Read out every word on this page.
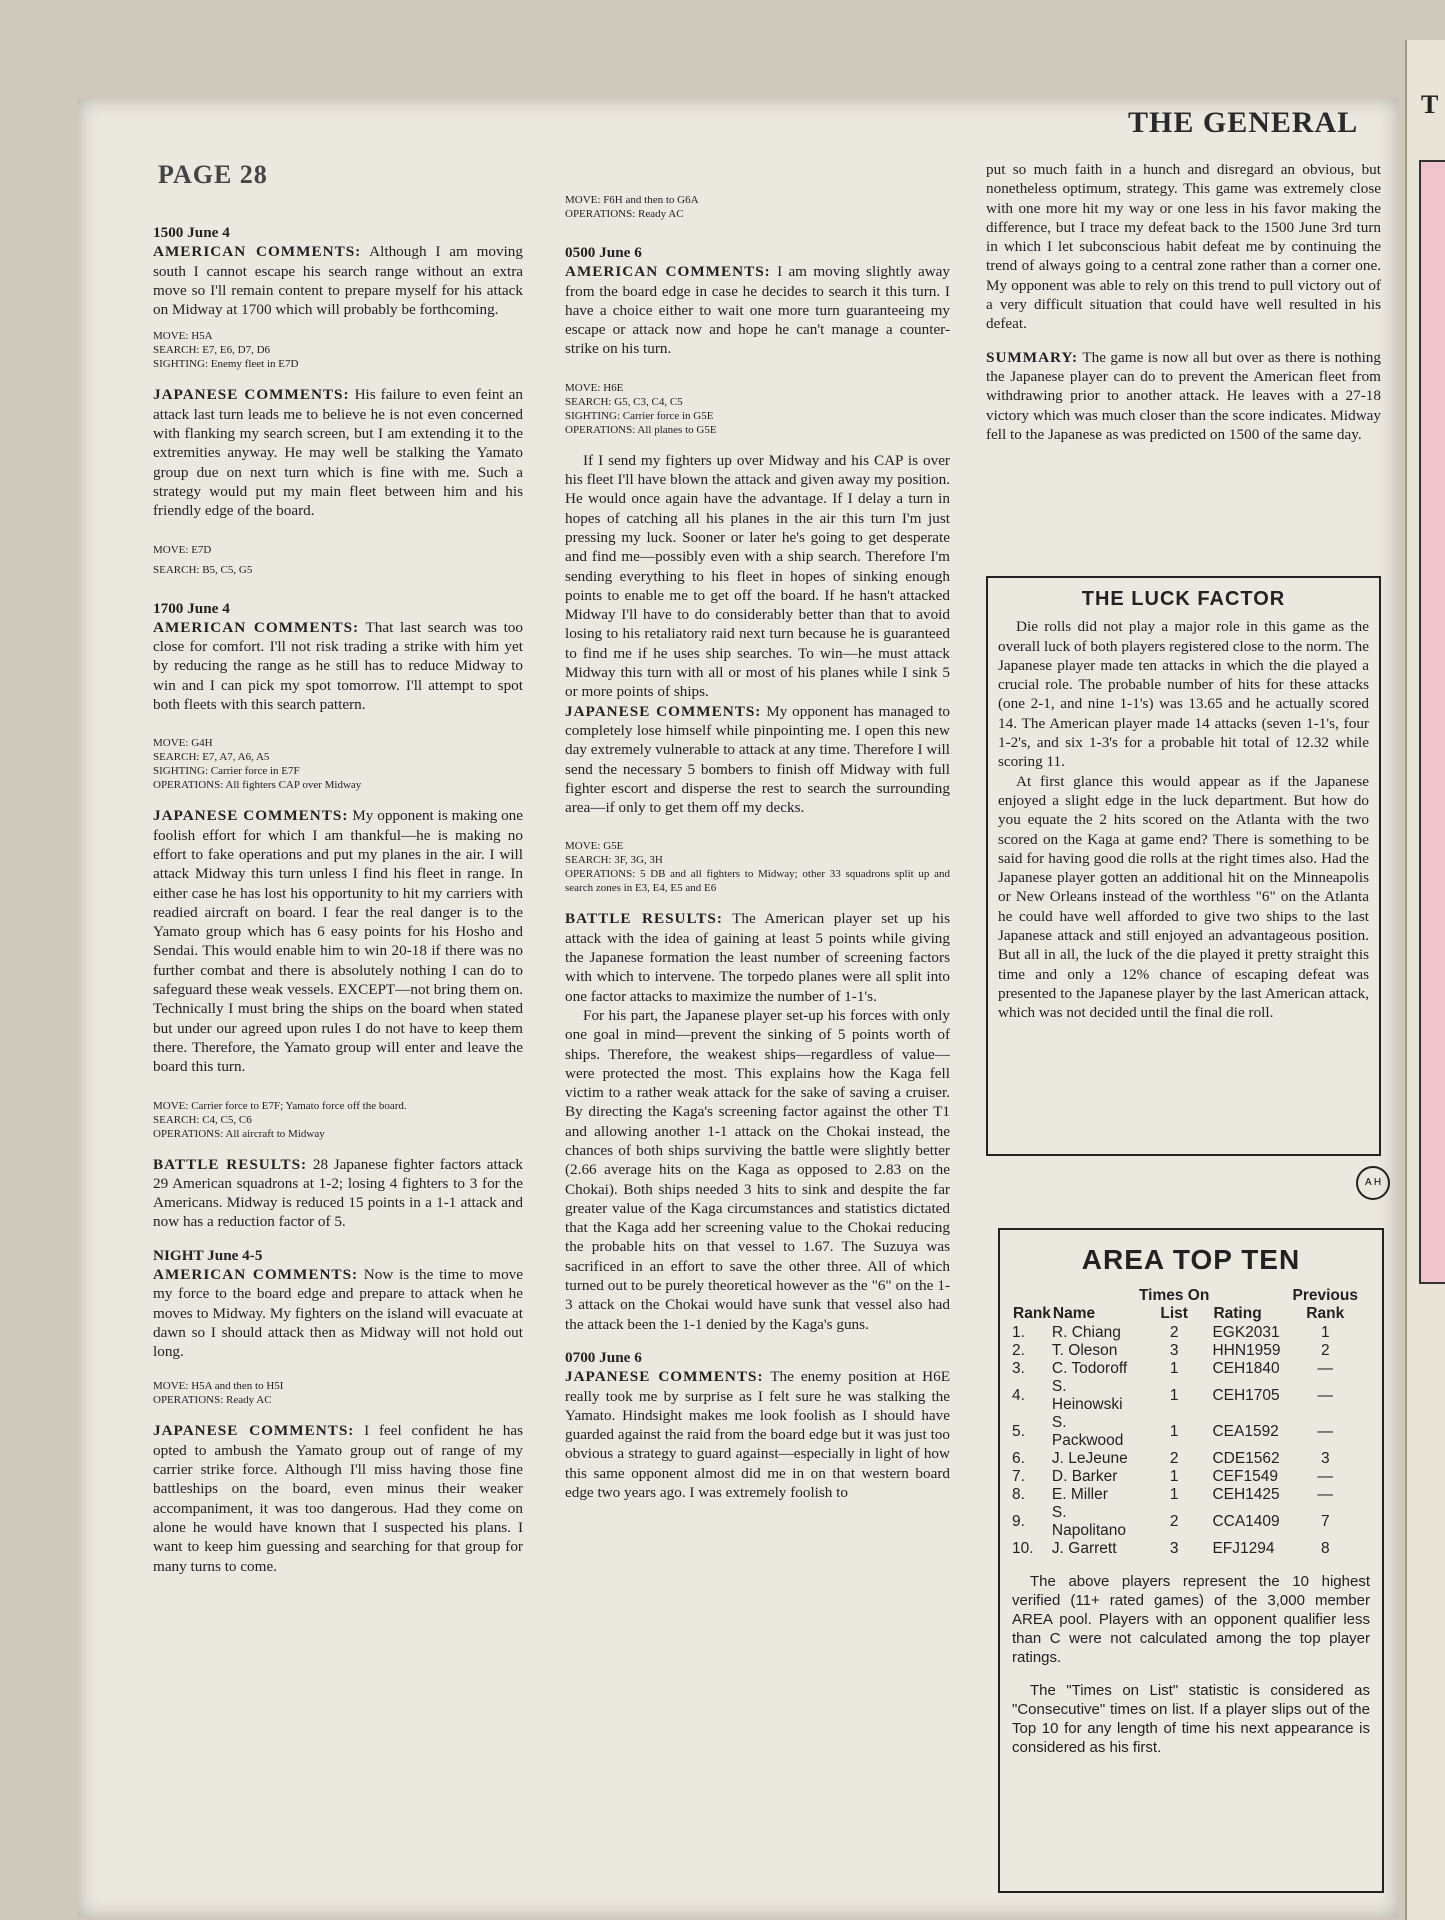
T
THE GENERAL
PAGE 28

1500 June 4

AMERICAN COMMENTS: Although I am moving south I cannot escape his search range without an extra move so I'll remain content to prepare myself for his attack on Midway at 1700 which will probably be forthcoming.

MOVE: H5A
SEARCH: E7, E6, D7, D6
SIGHTING: Enemy fleet in E7D

JAPANESE COMMENTS: His failure to even feint an attack last turn leads me to believe he is not even concerned with flanking my search screen, but I am extending it to the extremities anyway. He may well be stalking the Yamato group due on next turn which is fine with me. Such a strategy would put my main fleet between him and his friendly edge of the board.

MOVE: E7D
SEARCH: B5, C5, G5

1700 June 4

AMERICAN COMMENTS: That last search was too close for comfort. I'll not risk trading a strike with him yet by reducing the range as he still has to reduce Midway to win and I can pick my spot tomorrow. I'll attempt to spot both fleets with this search pattern.

MOVE: G4H
SEARCH: E7, A7, A6, A5
SIGHTING: Carrier force in E7F
OPERATIONS: All fighters CAP over Midway

JAPANESE COMMENTS: My opponent is making one foolish effort for which I am thankful—he is making no effort to fake operations and put my planes in the air. I will attack Midway this turn unless I find his fleet in range. In either case he has lost his opportunity to hit my carriers with readied aircraft on board. I fear the real danger is to the Yamato group which has 6 easy points for his Hosho and Sendai. This would enable him to win 20-18 if there was no further combat and there is absolutely nothing I can do to safeguard these weak vessels. EXCEPT—not bring them on. Technically I must bring the ships on the board when stated but under our agreed upon rules I do not have to keep them there. Therefore, the Yamato group will enter and leave the board this turn.

MOVE: Carrier force to E7F; Yamato force off the board.
SEARCH: C4, C5, C6
OPERATIONS: All aircraft to Midway

BATTLE RESULTS: 28 Japanese fighter factors attack 29 American squadrons at 1-2; losing 4 fighters to 3 for the Americans. Midway is reduced 15 points in a 1-1 attack and now has a reduction factor of 5.

NIGHT June 4-5

AMERICAN COMMENTS: Now is the time to move my force to the board edge and prepare to attack when he moves to Midway. My fighters on the island will evacuate at dawn so I should attack then as Midway will not hold out long.

MOVE: H5A and then to H5I
OPERATIONS: Ready AC

JAPANESE COMMENTS: I feel confident he has opted to ambush the Yamato group out of range of my carrier strike force. Although I'll miss having those fine battleships on the board, even minus their weaker accompaniment, it was too dangerous. Had they come on alone he would have known that I suspected his plans. I want to keep him guessing and searching for that group for many turns to come.

MOVE: F6H and then to G6A
OPERATIONS: Ready AC

0500 June 6

AMERICAN COMMENTS: I am moving slightly away from the board edge in case he decides to search it this turn. I have a choice either to wait one more turn guaranteeing my escape or attack now and hope he can't manage a counter-strike on his turn.

MOVE: H6E
SEARCH: G5, C3, C4, C5
SIGHTING: Carrier force in G5E
OPERATIONS: All planes to G5E

If I send my fighters up over Midway and his CAP is over his fleet I'll have blown the attack and given away my position. He would once again have the advantage. If I delay a turn in hopes of catching all his planes in the air this turn I'm just pressing my luck. Sooner or later he's going to get desperate and find me—possibly even with a ship search. Therefore I'm sending everything to his fleet in hopes of sinking enough points to enable me to get off the board. If he hasn't attacked Midway I'll have to do considerably better than that to avoid losing to his retaliatory raid next turn because he is guaranteed to find me if he uses ship searches. To win—he must attack Midway this turn with all or most of his planes while I sink 5 or more points of ships.

JAPANESE COMMENTS: My opponent has managed to completely lose himself while pinpointing me. I open this new day extremely vulnerable to attack at any time. Therefore I will send the necessary 5 bombers to finish off Midway with full fighter escort and disperse the rest to search the surrounding area—if only to get them off my decks.

MOVE: G5E
SEARCH: 3F, 3G, 3H
OPERATIONS: 5 DB and all fighters to Midway; other 33 squadrons split up and search zones in E3, E4, E5 and E6

BATTLE RESULTS: The American player set up his attack with the idea of gaining at least 5 points while giving the Japanese formation the least number of screening factors with which to intervene. The torpedo planes were all split into one factor attacks to maximize the number of 1-1's.

For his part, the Japanese player set-up his forces with only one goal in mind—prevent the sinking of 5 points worth of ships. Therefore, the weakest ships—regardless of value—were protected the most. This explains how the Kaga fell victim to a rather weak attack for the sake of saving a cruiser. By directing the Kaga's screening factor against the other T1 and allowing another 1-1 attack on the Chokai instead, the chances of both ships surviving the battle were slightly better (2.66 average hits on the Kaga as opposed to 2.83 on the Chokai). Both ships needed 3 hits to sink and despite the far greater value of the Kaga circumstances and statistics dictated that the Kaga add her screening value to the Chokai reducing the probable hits on that vessel to 1.67. The Suzuya was sacrificed in an effort to save the other three. All of which turned out to be purely theoretical however as the "6" on the 1-3 attack on the Chokai would have sunk that vessel also had the attack been the 1-1 denied by the Kaga's guns.

0700 June 6

JAPANESE COMMENTS: The enemy position at H6E really took me by surprise as I felt sure he was stalking the Yamato. Hindsight makes me look foolish as I should have guarded against the raid from the board edge but it was just too obvious a strategy to guard against—especially in light of how this same opponent almost did me in on that western board edge two years ago. I was extremely foolish to

put so much faith in a hunch and disregard an obvious, but nonetheless optimum, strategy. This game was extremely close with one more hit my way or one less in his favor making the difference, but I trace my defeat back to the 1500 June 3rd turn in which I let subconscious habit defeat me by continuing the trend of always going to a central zone rather than a corner one. My opponent was able to rely on this trend to pull victory out of a very difficult situation that could have well resulted in his defeat.

SUMMARY: The game is now all but over as there is nothing the Japanese player can do to prevent the American fleet from withdrawing prior to another attack. He leaves with a 27-18 victory which was much closer than the score indicates. Midway fell to the Japanese as was predicted on 1500 of the same day.

THE LUCK FACTOR

Die rolls did not play a major role in this game as the overall luck of both players registered close to the norm. The Japanese player made ten attacks in which the die played a crucial role. The probable number of hits for these attacks (one 2-1, and nine 1-1's) was 13.65 and he actually scored 14. The American player made 14 attacks (seven 1-1's, four 1-2's, and six 1-3's for a probable hit total of 12.32 while scoring 11.

At first glance this would appear as if the Japanese enjoyed a slight edge in the luck department. But how do you equate the 2 hits scored on the Atlanta with the two scored on the Kaga at game end? There is something to be said for having good die rolls at the right times also. Had the Japanese player gotten an additional hit on the Minneapolis or New Orleans instead of the worthless "6" on the Atlanta he could have well afforded to give two ships to the last Japanese attack and still enjoyed an advantageous position. But all in all, the luck of the die played it pretty straight this time and only a 12% chance of escaping defeat was presented to the Japanese player by the last American attack, which was not decided until the final die roll.

A H
AREA TOP TEN
Rank	Name	Times On List	Rating	Previous Rank
1.	R. Chiang	2	EGK2031	1
2.	T. Oleson	3	HHN1959	2
3.	C. Todoroff	1	CEH1840	—
4.	S. Heinowski	1	CEH1705	—
5.	S. Packwood	1	CEA1592	—
6.	J. LeJeune	2	CDE1562	3
7.	D. Barker	1	CEF1549	—
8.	E. Miller	1	CEH1425	—
9.	S. Napolitano	2	CCA1409	7
10.	J. Garrett	3	EFJ1294	8

The above players represent the 10 highest verified (11+ rated games) of the 3,000 member AREA pool. Players with an opponent qualifier less than C were not calculated among the top player ratings.

The "Times on List" statistic is considered as "Consecutive" times on list. If a player slips out of the Top 10 for any length of time his next appearance is considered as his first.
